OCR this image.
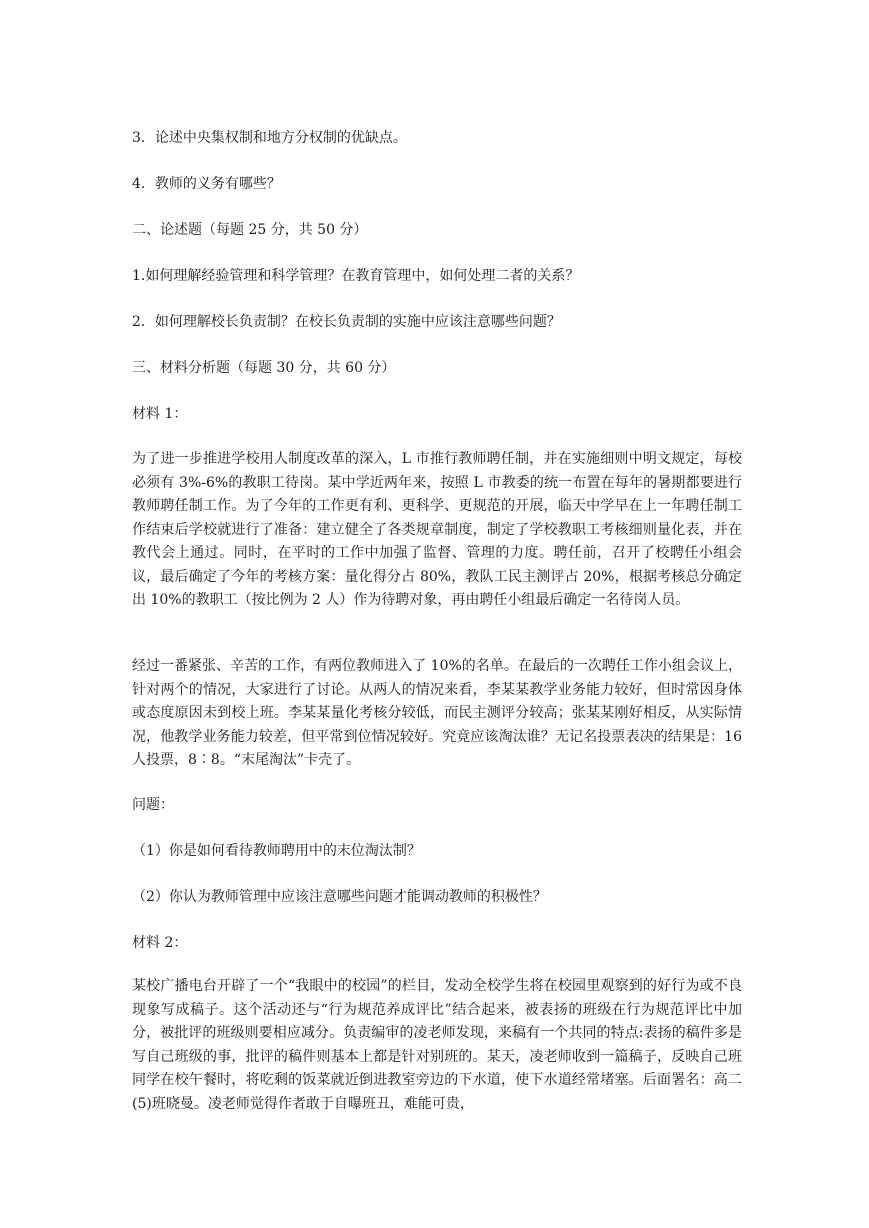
3．论述中央集权制和地方分权制的优缺点。

4．教师的义务有哪些？

二、论述题（每题 25 分，共 50 分）

1.如何理解经验管理和科学管理？在教育管理中，如何处理二者的关系？

2．如何理解校长负责制？在校长负责制的实施中应该注意哪些问题？

三、材料分析题（每题 30 分，共 60 分）

材料 1：

为了进一步推进学校用人制度改革的深入，L 市推行教师聘任制，并在实施细则中明文规定，每校必须有 3%-6%的教职工待岗。某中学近两年来，按照 L 市教委的统一布置在每年的暑期都要进行教师聘任制工作。为了今年的工作更有利、更科学、更规范的开展，临天中学早在上一年聘任制工作结束后学校就进行了准备：建立健全了各类规章制度，制定了学校教职工考核细则量化表，并在教代会上通过。同时，在平时的工作中加强了监督、管理的力度。聘任前，召开了校聘任小组会议，最后确定了今年的考核方案：量化得分占 80%，教队工民主测评占 20%，根据考核总分确定出 10%的教职工（按比例为 2 人）作为待聘对象，再由聘任小组最后确定一名待岗人员。

经过一番紧张、辛苦的工作，有两位教师进入了 10%的名单。在最后的一次聘任工作小组会议上，针对两个的情况，大家进行了讨论。从两人的情况来看，李某某教学业务能力较好，但时常因身体或态度原因未到校上班。李某某量化考核分较低，而民主测评分较高；张某某刚好相反，从实际情况，他教学业务能力较差，但平常到位情况较好。究竟应该淘汰谁？无记名投票表决的结果是：16 人投票，8∶8。“末尾淘汰”卡壳了。

问题：

（1）你是如何看待教师聘用中的末位淘汰制？

（2）你认为教师管理中应该注意哪些问题才能调动教师的积极性？

材料 2：

某校广播电台开辟了一个“我眼中的校园”的栏目，发动全校学生将在校园里观察到的好行为或不良现象写成稿子。这个活动还与“行为规范养成评比”结合起来，被表扬的班级在行为规范评比中加分，被批评的班级则要相应减分。负责编审的凌老师发现，来稿有一个共同的特点:表扬的稿件多是写自己班级的事，批评的稿件则基本上都是针对别班的。某天，凌老师收到一篇稿子，反映自己班同学在校午餐时，将吃剩的饭菜就近倒进教室旁边的下水道，使下水道经常堵塞。后面署名：高二(5)班晓曼。凌老师觉得作者敢于自曝班丑，难能可贵，
